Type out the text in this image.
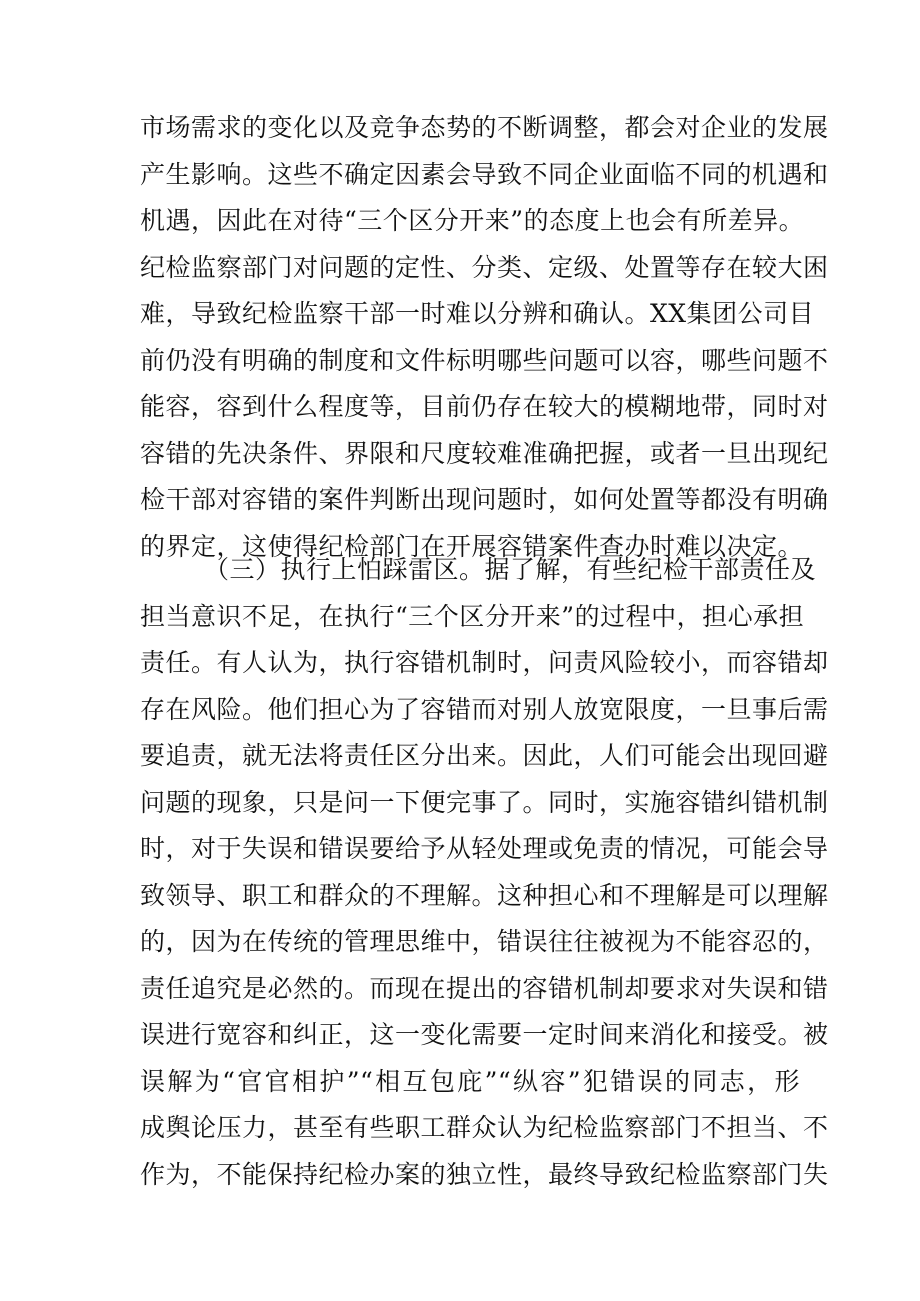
市场需求的变化以及竞争态势的不断调整，都会对企业的发展
产生影响。这些不确定因素会导致不同企业面临不同的机遇和
机遇，因此在对待“三个区分开来”的态度上也会有所差异。
纪检监察部门对问题的定性、分类、定级、处置等存在较大困
难，导致纪检监察干部一时难以分辨和确认。XX集团公司目
前仍没有明确的制度和文件标明哪些问题可以容，哪些问题不
能容，容到什么程度等，目前仍存在较大的模糊地带，同时对
容错的先决条件、界限和尺度较难准确把握，或者一旦出现纪
检干部对容错的案件判断出现问题时，如何处置等都没有明确
的界定，这使得纪检部门在开展容错案件查办时难以决定。
（三）执行上怕踩雷区。据了解，有些纪检干部责任及
担当意识不足，在执行“三个区分开来”的过程中，担心承担
责任。有人认为，执行容错机制时，问责风险较小，而容错却
存在风险。他们担心为了容错而对别人放宽限度，一旦事后需
要追责，就无法将责任区分出来。因此，人们可能会出现回避
问题的现象，只是问一下便完事了。同时，实施容错纠错机制
时，对于失误和错误要给予从轻处理或免责的情况，可能会导
致领导、职工和群众的不理解。这种担心和不理解是可以理解
的，因为在传统的管理思维中，错误往往被视为不能容忍的，
责任追究是必然的。而现在提出的容错机制却要求对失误和错
误进行宽容和纠正，这一变化需要一定时间来消化和接受。被
误解为“官官相护”“相互包庇”“纵容”犯错误的同志，形
成舆论压力，甚至有些职工群众认为纪检监察部门不担当、不
作为，不能保持纪检办案的独立性，最终导致纪检监察部门失
